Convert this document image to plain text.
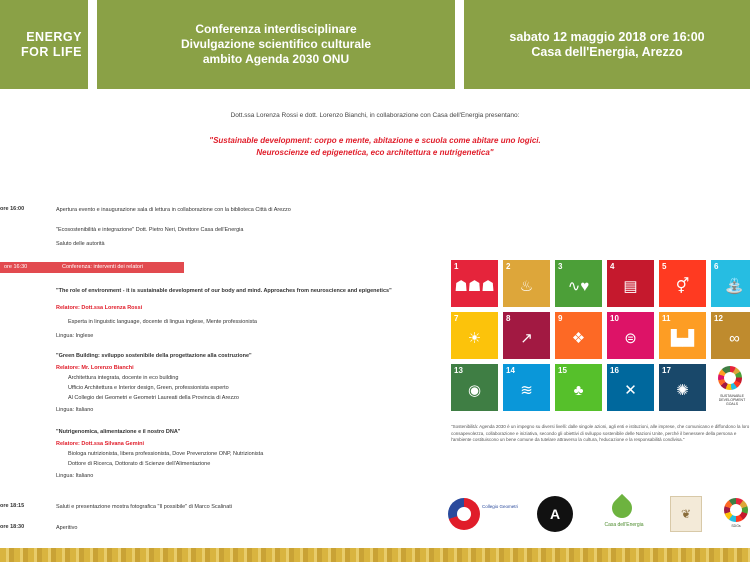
ENERGY
FOR LIFE
Conferenza interdisciplinare
Divulgazione scientifico culturale
ambito Agenda 2030 ONU
sabato 12 maggio 2018 ore 16:00
Casa dell'Energia, Arezzo
Dott.ssa Lorenza Rossi e dott. Lorenzo Bianchi, in collaborazione con Casa dell'Energia presentano:
"Sustainable development: corpo e mente, abitazione e scuola come abitare uno logici.
Neuroscienze ed epigenetica, eco architettura e nutrigenetica"
ore 16:00	Apertura evento e inaugurazione sala di lettura in collaborazione con la biblioteca Città di Arezzo
"Ecosostenibilità e integrazione" Dott. Pietro Neri, Direttore Casa dell'Energia
Saluto delle autorità
ore 16:30	Conferenza: interventi dei relatori
"The role of environment - it is sustainable development of our body and mind. Approaches from neuroscience and epigenetics"
Relatore: Dott.ssa Lorenza Rossi
Esperta in linguistic language, docente di lingua inglese, Mente professionista
Lingua: Inglese
"Green Building: sviluppo sostenibile della progettazione alla costruzione"
Relatore: Mr. Lorenzo Bianchi
Architettura integrata, docente in eco building
Ufficio Architettura e Interior design, Green, professionista esperto
Al Collegio dei Geometri e Geometri Laureati della Provincia di Arezzo
Lingua: Italiano
"Nutrigenomica, alimentazione e il nostro DNA"
Relatore: Dott.ssa Silvana Gemini
Biologa nutrizionista, libera professionista, Dove Prevenzione ONP, Nutrizionista
Dottore di Ricerca, Dottorato di Scienze dell'Alimentazione
Lingua: Italiano
ore 18:15	Saluti e presentazione mostra fotografica "Il possibile" di Marco Scalinati
ore 18:30	Aperitivo
1
☗☗☗
2
♨
3
∿♥
4
▤
5
⚥
6
⛲
7
☀
8
↗
9
❖
10
⊜
11
▙▟
12
∞
13
◉
14
≋
15
♣
16
✕
17
✺	SUSTAINABLE DEVELOPMENT GOALS
"Sostenibilità: Agenda 2030 è un impegno su diversi livelli: dalle singole azioni, agli enti e istituzioni, alle imprese, che comunicano e diffondono la loro consapevolezza, collaborazione e iniziativa, secondo gli obiettivi di sviluppo sostenibile delle Nazioni Unite, perché il benessere della persona e l'ambiente costituiscono un bene comune da tutelare attraverso la cultura, l'educazione e la responsabilità condivisa."
Collegio Geometri	A
Casa dell'Energia
❦
SDGs
